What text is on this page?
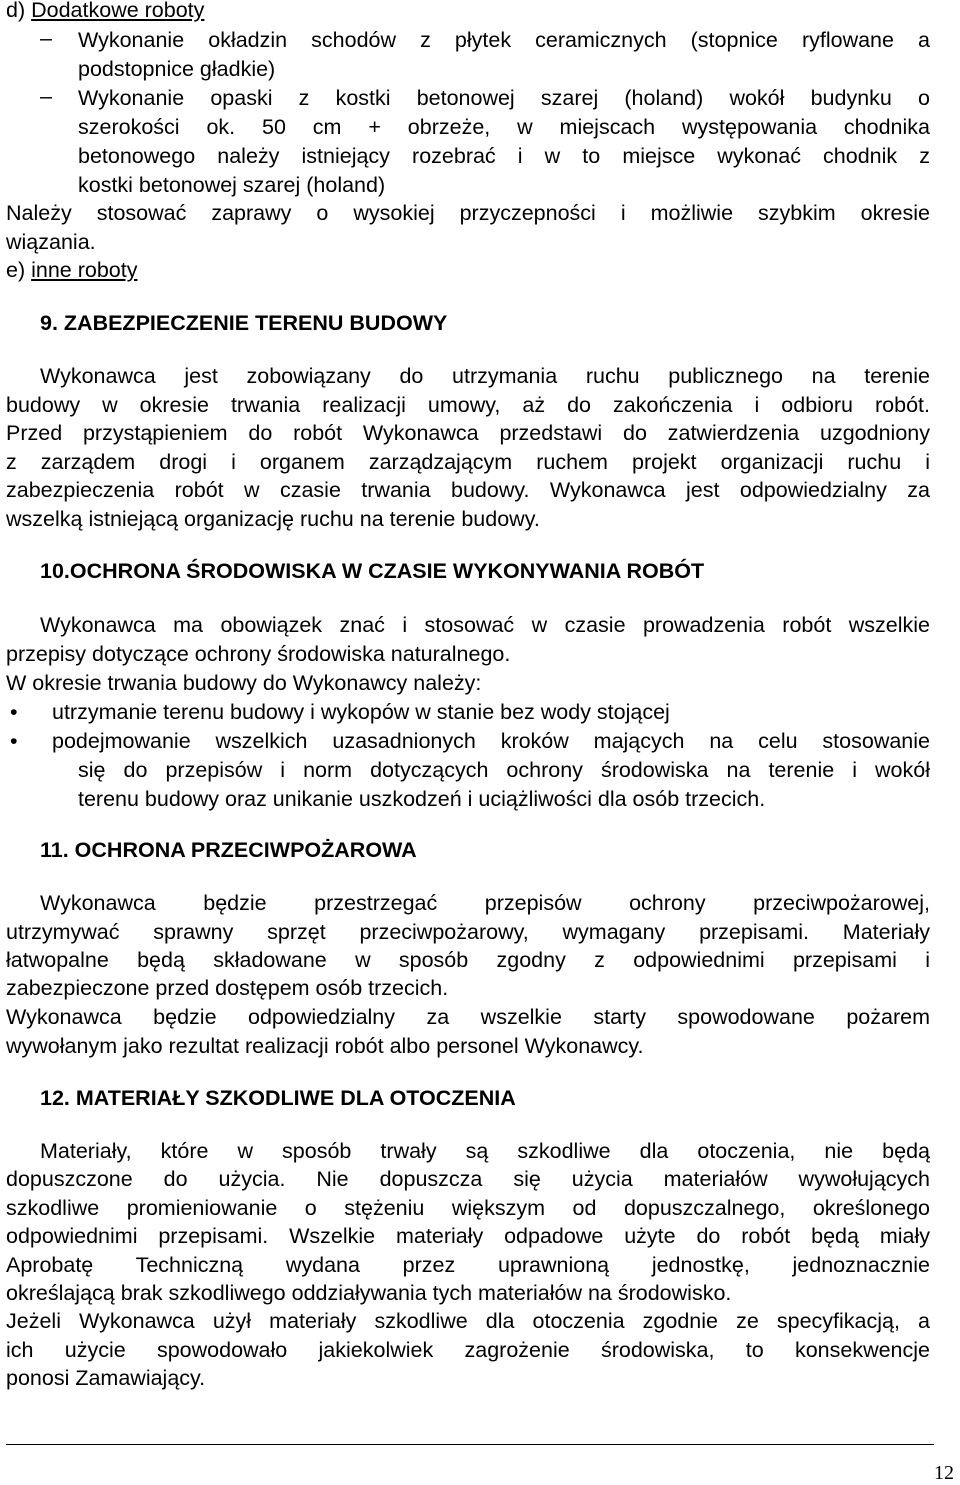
d) Dodatkowe roboty
– Wykonanie okładzin schodów z płytek ceramicznych (stopnice ryflowane a
podstopnice gładkie)
– Wykonanie opaski z kostki betonowej szarej (holand) wokół budynku o
szerokości ok. 50 cm + obrzeże, w miejscach występowania chodnika
betonowego należy istniejący rozebrać i w to miejsce wykonać chodnik z
kostki betonowej szarej (holand)
Należy stosować zaprawy o wysokiej przyczepności i możliwie szybkim okresie
wiązania.
e) inne roboty
9. ZABEZPIECZENIE TERENU BUDOWY
Wykonawca jest zobowiązany do utrzymania ruchu publicznego na terenie
budowy w okresie trwania realizacji umowy, aż do zakończenia i odbioru robót.
Przed przystąpieniem do robót Wykonawca przedstawi do zatwierdzenia uzgodniony
z zarządem drogi i organem zarządzającym ruchem projekt organizacji ruchu i
zabezpieczenia robót w czasie trwania budowy. Wykonawca jest odpowiedzialny za
wszelką istniejącą organizację ruchu na terenie budowy.
10.OCHRONA ŚRODOWISKA W CZASIE WYKONYWANIA ROBÓT
Wykonawca ma obowiązek znać i stosować w czasie prowadzenia robót wszelkie
przepisy dotyczące ochrony środowiska naturalnego.
W okresie trwania budowy do Wykonawcy należy:
• utrzymanie terenu budowy i wykopów w stanie bez wody stojącej
• podejmowanie wszelkich uzasadnionych kroków mających na celu stosowanie
się do przepisów i norm dotyczących ochrony środowiska na terenie i wokół
terenu budowy oraz unikanie uszkodzeń i uciążliwości dla osób trzecich.
11. OCHRONA PRZECIWPOŻAROWA
Wykonawca będzie przestrzegać przepisów ochrony przeciwpożarowej,
utrzymywać sprawny sprzęt przeciwpożarowy, wymagany przepisami. Materiały
łatwopalne będą składowane w sposób zgodny z odpowiednimi przepisami i
zabezpieczone przed dostępem osób trzecich.
Wykonawca będzie odpowiedzialny za wszelkie starty spowodowane pożarem
wywołanym jako rezultat realizacji robót albo personel Wykonawcy.
12. MATERIAŁY SZKODLIWE DLA OTOCZENIA
Materiały, które w sposób trwały są szkodliwe dla otoczenia, nie będą
dopuszczone do użycia. Nie dopuszcza się użycia materiałów wywołujących
szkodliwe promieniowanie o stężeniu większym od dopuszczalnego, określonego
odpowiednimi przepisami. Wszelkie materiały odpadowe użyte do robót będą miały
Aprobatę Techniczną wydana przez uprawnioną jednostkę, jednoznacznie
określającą brak szkodliwego oddziaływania tych materiałów na środowisko.
Jeżeli Wykonawca użył materiały szkodliwe dla otoczenia zgodnie ze specyfikacją, a
ich użycie spowodowało jakiekolwiek zagrożenie środowiska, to konsekwencje
ponosi Zamawiający.
12
